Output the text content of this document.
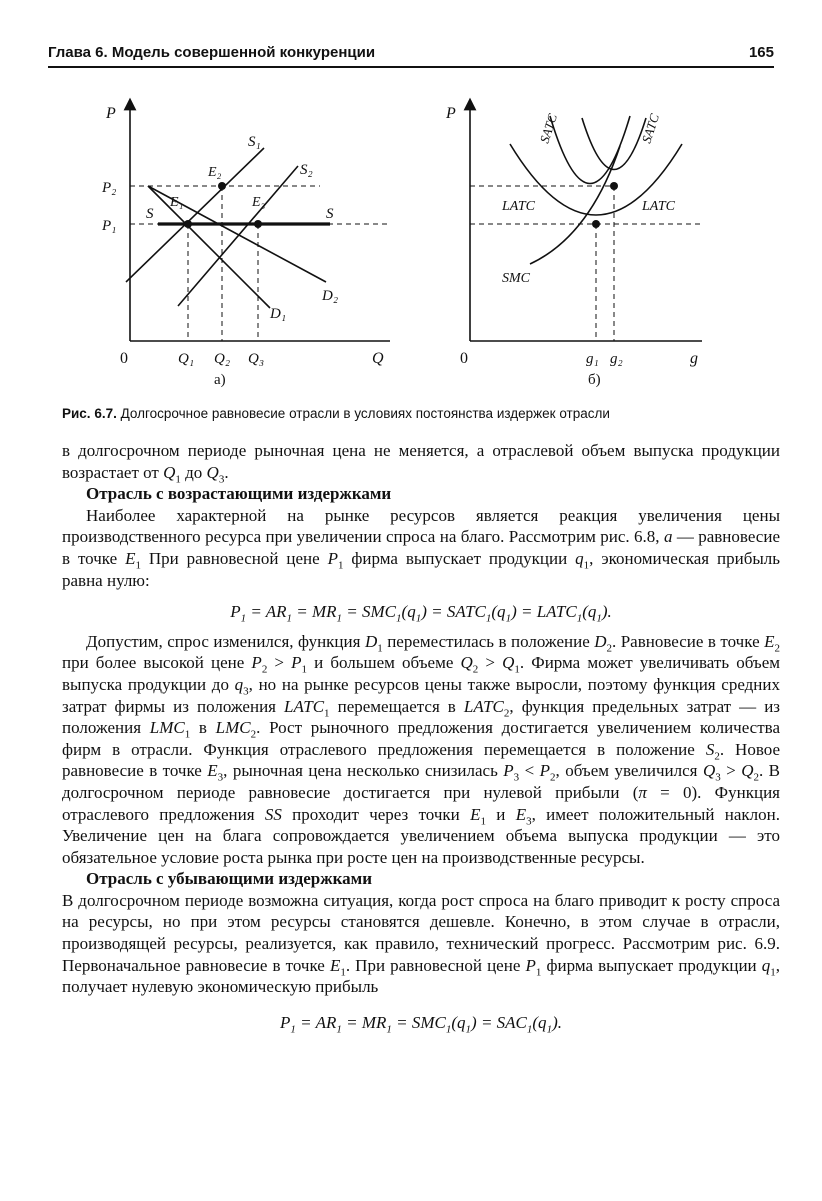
Глава 6. Модель совершенной конкуренции	165
P
P₂
P₁
0	Q₁ Q₂ Q₃	Q
а)
S₁
S₂
S	S
E₁
E₂
E₃
D₂
D₁
P
0	g₁ g₂	g
б)
LATC	LATC
SMC
SATC	SATC
Рис. 6.7. Долгосрочное равновесие отрасли в условиях постоянства издержек отрасли

в долгосрочном периоде рыночная цена не меняется, а отраслевой объем выпуска продукции возрастает от $Q_1$ до $Q_3$.

Отрасль с возрастающими издержками

Наиболее характерной на рынке ресурсов является реакция увеличения цены производственного ресурса при увеличении спроса на благо. Рассмотрим рис. 6.8, а — равновесие в точке $E_1$ При равновесной цене $P_1$ фирма выпускает продукции $q_1$, экономическая прибыль равна нулю:

$P_1 = AR_1 = MR_1 = SMC_1(q_1)$ = $SATC_1(q_1)$ = $LATC_1(q_1)$.

Допустим, спрос изменился, функция $D_1$ переместилась в положение $D_2$. Равновесие в точке $E_2$ при более высокой цене $P_2 > P_1$ и большем объеме $Q_2 > Q_1$. Фирма может увеличивать объем выпуска продукции до $q_3$, но на рынке ресурсов цены также выросли, поэтому функция средних затрат фирмы из положения $LATC_1$ перемещается в $LATC_2$, функция предельных затрат — из положения $LMC_1$ в $LMC_2$. Рост рыночного предложения достигается увеличением количества фирм в отрасли. Функция отраслевого предложения перемещается в положение $S_2$. Новое равновесие в точке $E_3$, рыночная цена несколько снизилась $P_3 < P_2$, объем увеличился $Q_3 > Q_2$. В долгосрочном периоде равновесие достигается при нулевой прибыли (π = 0). Функция отраслевого предложения SS проходит через точки $E_1$ и $E_3$, имеет положительный наклон. Увеличение цен на блага сопровождается увеличением объема выпуска продукции — это обязательное условие роста рынка при росте цен на производственные ресурсы.

Отрасль с убывающими издержками

В долгосрочном периоде возможна ситуация, когда рост спроса на благо приводит к росту спроса на ресурсы, но при этом ресурсы становятся дешевле. Конечно, в этом случае в отрасли, производящей ресурсы, реализуется, как правило, технический прогресс. Рассмотрим рис. 6.9. Первоначальное равновесие в точке $E_1$. При равновесной цене $P_1$ фирма выпускает продукции $q_1$, получает нулевую экономическую прибыль

$P_1 = AR_1 = MR_1 = SMC_1(q_1) = SAC_1(q_1)$.
